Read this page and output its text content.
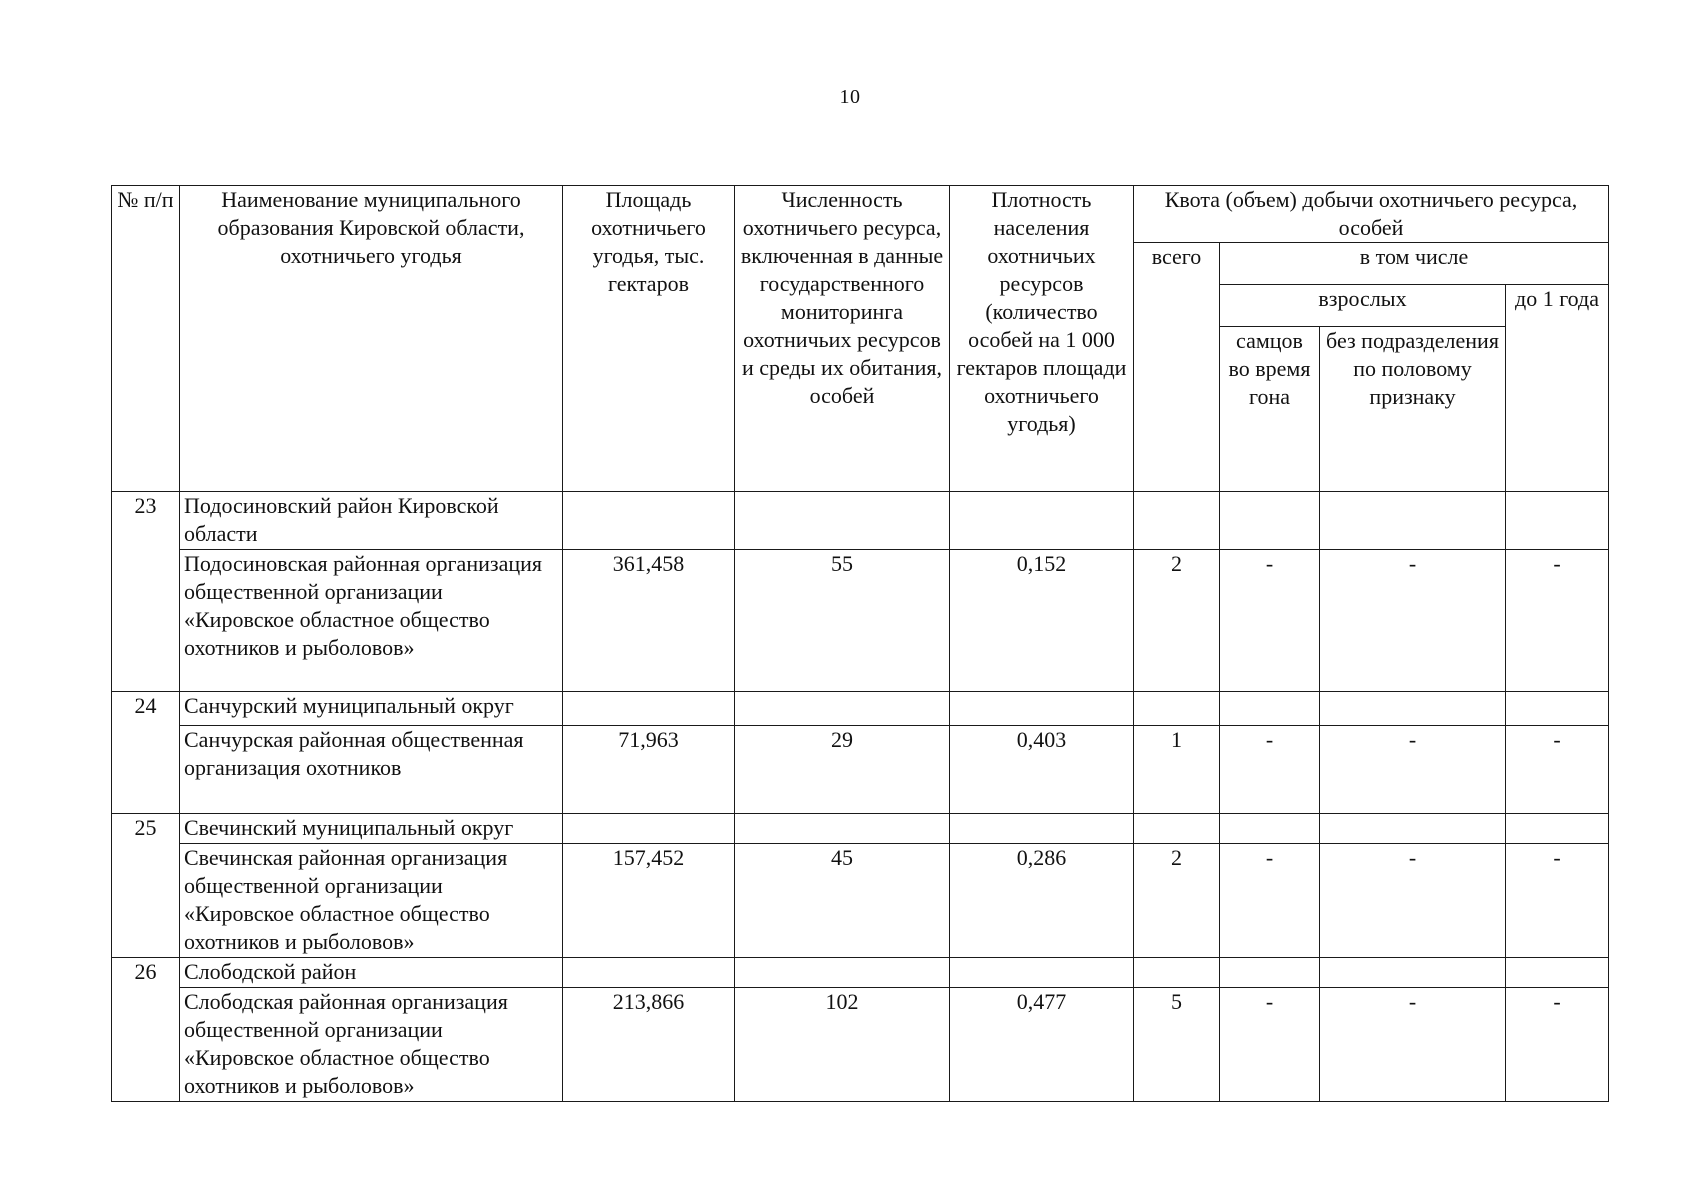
10
№ п/п	Наименование муниципального образования Кировской области, охотничьего угодья	Площадь охотничьего угодья, тыс. гектаров	Численность охотничьего ресурса, включенная в данные государственного мониторинга охотничьих ресурсов и среды их обитания, особей	Плотность населения охотничьих ресурсов (количество особей на 1 000 гектаров площади охотничьего угодья)	Квота (объем) добычи охотничьего ресурса, особей			
					всего	в том числе		
						взрослых		до 1 года
						самцов во время гона	без подразделения по половому признаку	
23	Подосиновский район Кировской области							
	Подосиновская районная организация общественной организации «Кировское областное общество охотников и рыболовов»	361,458	55	0,152	2	-	-	-
24	Санчурский муниципальный округ							
	Санчурская районная общественная организация охотников	71,963	29	0,403	1	-	-	-
25	Свечинский муниципальный округ							
	Свечинская районная организация общественной организации «Кировское областное общество охотников и рыболовов»	157,452	45	0,286	2	-	-	-
26	Слободской район							
	Слободская районная организация общественной организации «Кировское областное общество охотников и рыболовов»	213,866	102	0,477	5	-	-	-
